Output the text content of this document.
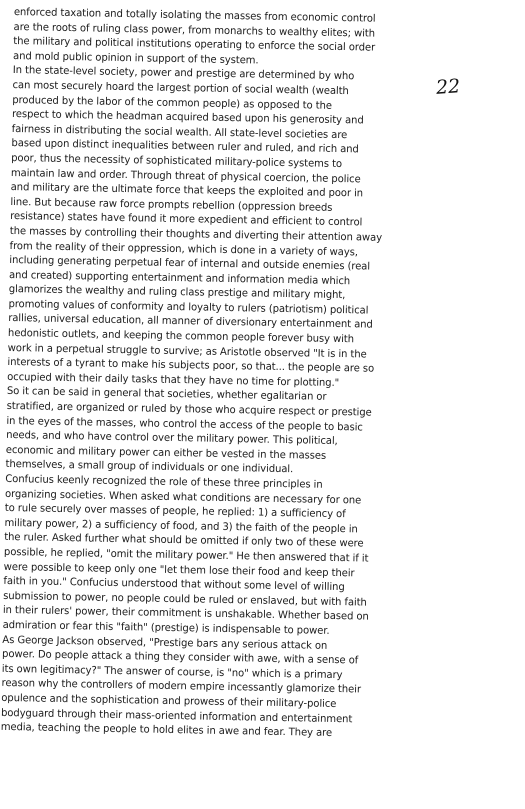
22
enforced taxation and totally isolating the masses from economic control
are the roots of ruling class power, from monarchs to wealthy elites; with
the military and political institutions operating to enforce the social order
and mold public opinion in support of the system.
In the state-level society, power and prestige are determined by who
can most securely hoard the largest portion of social wealth (wealth
produced by the labor of the common people) as opposed to the
respect to which the headman acquired based upon his generosity and
fairness in distributing the social wealth. All state-level societies are
based upon distinct inequalities between ruler and ruled, and rich and
poor, thus the necessity of sophisticated military-police systems to
maintain law and order. Through threat of physical coercion, the police
and military are the ultimate force that keeps the exploited and poor in
line. But because raw force prompts rebellion (oppression breeds
resistance) states have found it more expedient and efficient to control
the masses by controlling their thoughts and diverting their attention away
from the reality of their oppression, which is done in a variety of ways,
including generating perpetual fear of internal and outside enemies (real
and created) supporting entertainment and information media which
glamorizes the wealthy and ruling class prestige and military might,
promoting values of conformity and loyalty to rulers (patriotism) political
rallies, universal education, all manner of diversionary entertainment and
hedonistic outlets, and keeping the common people forever busy with
work in a perpetual struggle to survive; as Aristotle observed "It is in the
interests of a tyrant to make his subjects poor, so that... the people are so
occupied with their daily tasks that they have no time for plotting."
So it can be said in general that societies, whether egalitarian or
stratified, are organized or ruled by those who acquire respect or prestige
in the eyes of the masses, who control the access of the people to basic
needs, and who have control over the military power. This political,
economic and military power can either be vested in the masses
themselves, a small group of individuals or one individual.
Confucius keenly recognized the role of these three principles in
organizing societies. When asked what conditions are necessary for one
to rule securely over masses of people, he replied: 1) a sufficiency of
military power, 2) a sufficiency of food, and 3) the faith of the people in
the ruler. Asked further what should be omitted if only two of these were
possible, he replied, "omit the military power." He then answered that if it
were possible to keep only one "let them lose their food and keep their
faith in you." Confucius understood that without some level of willing
submission to power, no people could be ruled or enslaved, but with faith
in their rulers' power, their commitment is unshakable. Whether based on
admiration or fear this "faith" (prestige) is indispensable to power.
As George Jackson observed, "Prestige bars any serious attack on
power. Do people attack a thing they consider with awe, with a sense of
its own legitimacy?" The answer of course, is "no" which is a primary
reason why the controllers of modern empire incessantly glamorize their
opulence and the sophistication and prowess of their military-police
bodyguard through their mass-oriented information and entertainment
media, teaching the people to hold elites in awe and fear. They are
